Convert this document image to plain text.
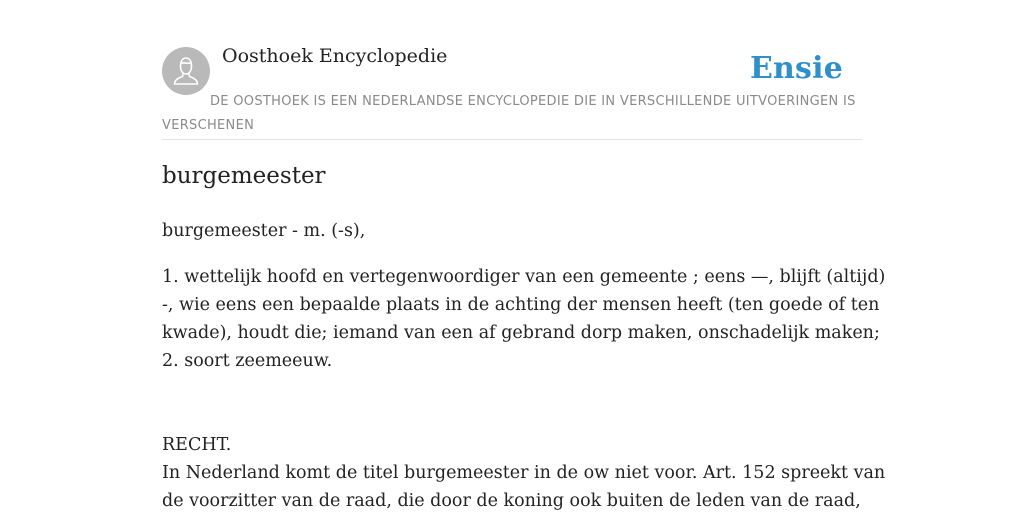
Oosthoek Encyclopedie	Ensie

DE OOSTHOEK IS EEN NEDERLANDSE ENCYCLOPEDIE DIE IN VERSCHILLENDE UITVOERINGEN IS VERSCHENEN

burgemeester

burgemeester - m. (-s),

1. wettelijk hoofd en vertegenwoordiger van een gemeente ; eens —, blijft (altijd)
-, wie eens een bepaalde plaats in de achting der mensen heeft (ten goede of ten
kwade), houdt die; iemand van een af gebrand dorp maken, onschadelijk maken;
2. soort zeemeeuw.

RECHT.

In Nederland komt de titel burgemeester in de ow niet voor. Art. 152 spreekt van
de voorzitter van de raad, die door de koning ook buiten de leden van de raad,
